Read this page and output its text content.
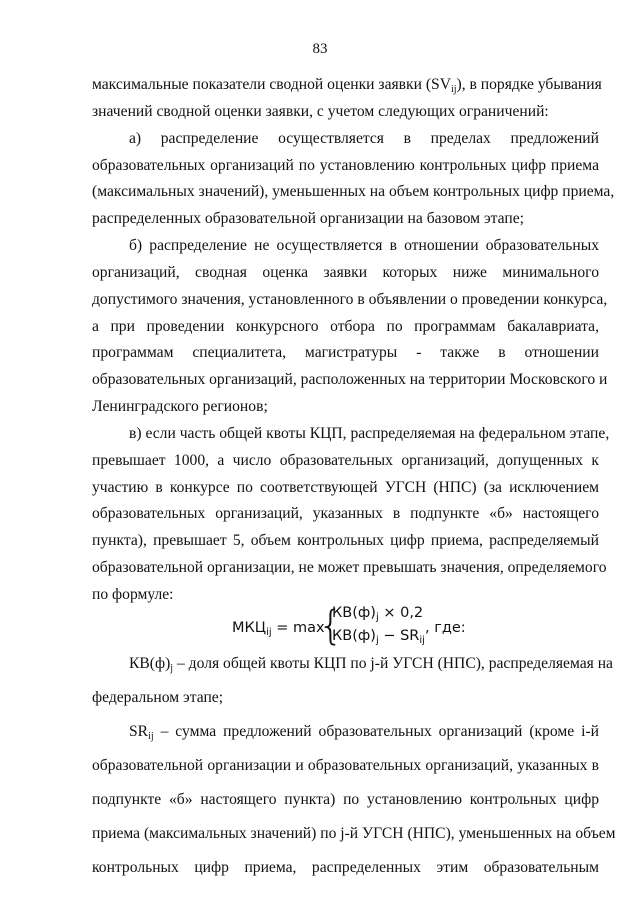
83
максимальные показатели сводной оценки заявки $(SV_{ij})$, в порядке убывания
значений сводной оценки заявки, с учетом следующих ограничений:
а) распределение осуществляется в пределах предложений
образовательных организаций по установлению контрольных цифр приема
(максимальных значений), уменьшенных на объем контрольных цифр приема,
распределенных образовательной организации на базовом этапе;
б) распределение не осуществляется в отношении образовательных
организаций, сводная оценка заявки которых ниже минимального
допустимого значения, установленного в объявлении о проведении конкурса,
а при проведении конкурсного отбора по программам бакалавриата,
программам специалитета, магистратуры - также в отношении
образовательных организаций, расположенных на территории Московского и
Ленинградского регионов;
в) если часть общей квоты КЦП, распределяемая на федеральном этапе,
превышает 1000, а число образовательных организаций, допущенных к
участию в конкурсе по соответствующей УГСН (НПС) (за исключением
образовательных организаций, указанных в подпункте «б» настоящего
пункта), превышает 5, объем контрольных цифр приема, распределяемый
образовательной организации, не может превышать значения, определяемого
по формуле:
$МКЦ_{ij} = \max$
{
$КВ(ф)_j \times 0,2$
$КВ(ф)_j - SR_{ij}$
, где:
$КВ(ф)_j$ – доля общей квоты КЦП по j-й УГСН (НПС), распределяемая на
федеральном этапе;
$SR_{ij}$ – сумма предложений образовательных организаций (кроме i-й
образовательной организации и образовательных организаций, указанных в
подпункте «б» настоящего пункта) по установлению контрольных цифр
приема (максимальных значений) по j-й УГСН (НПС), уменьшенных на объем
контрольных цифр приема, распределенных этим образовательным
